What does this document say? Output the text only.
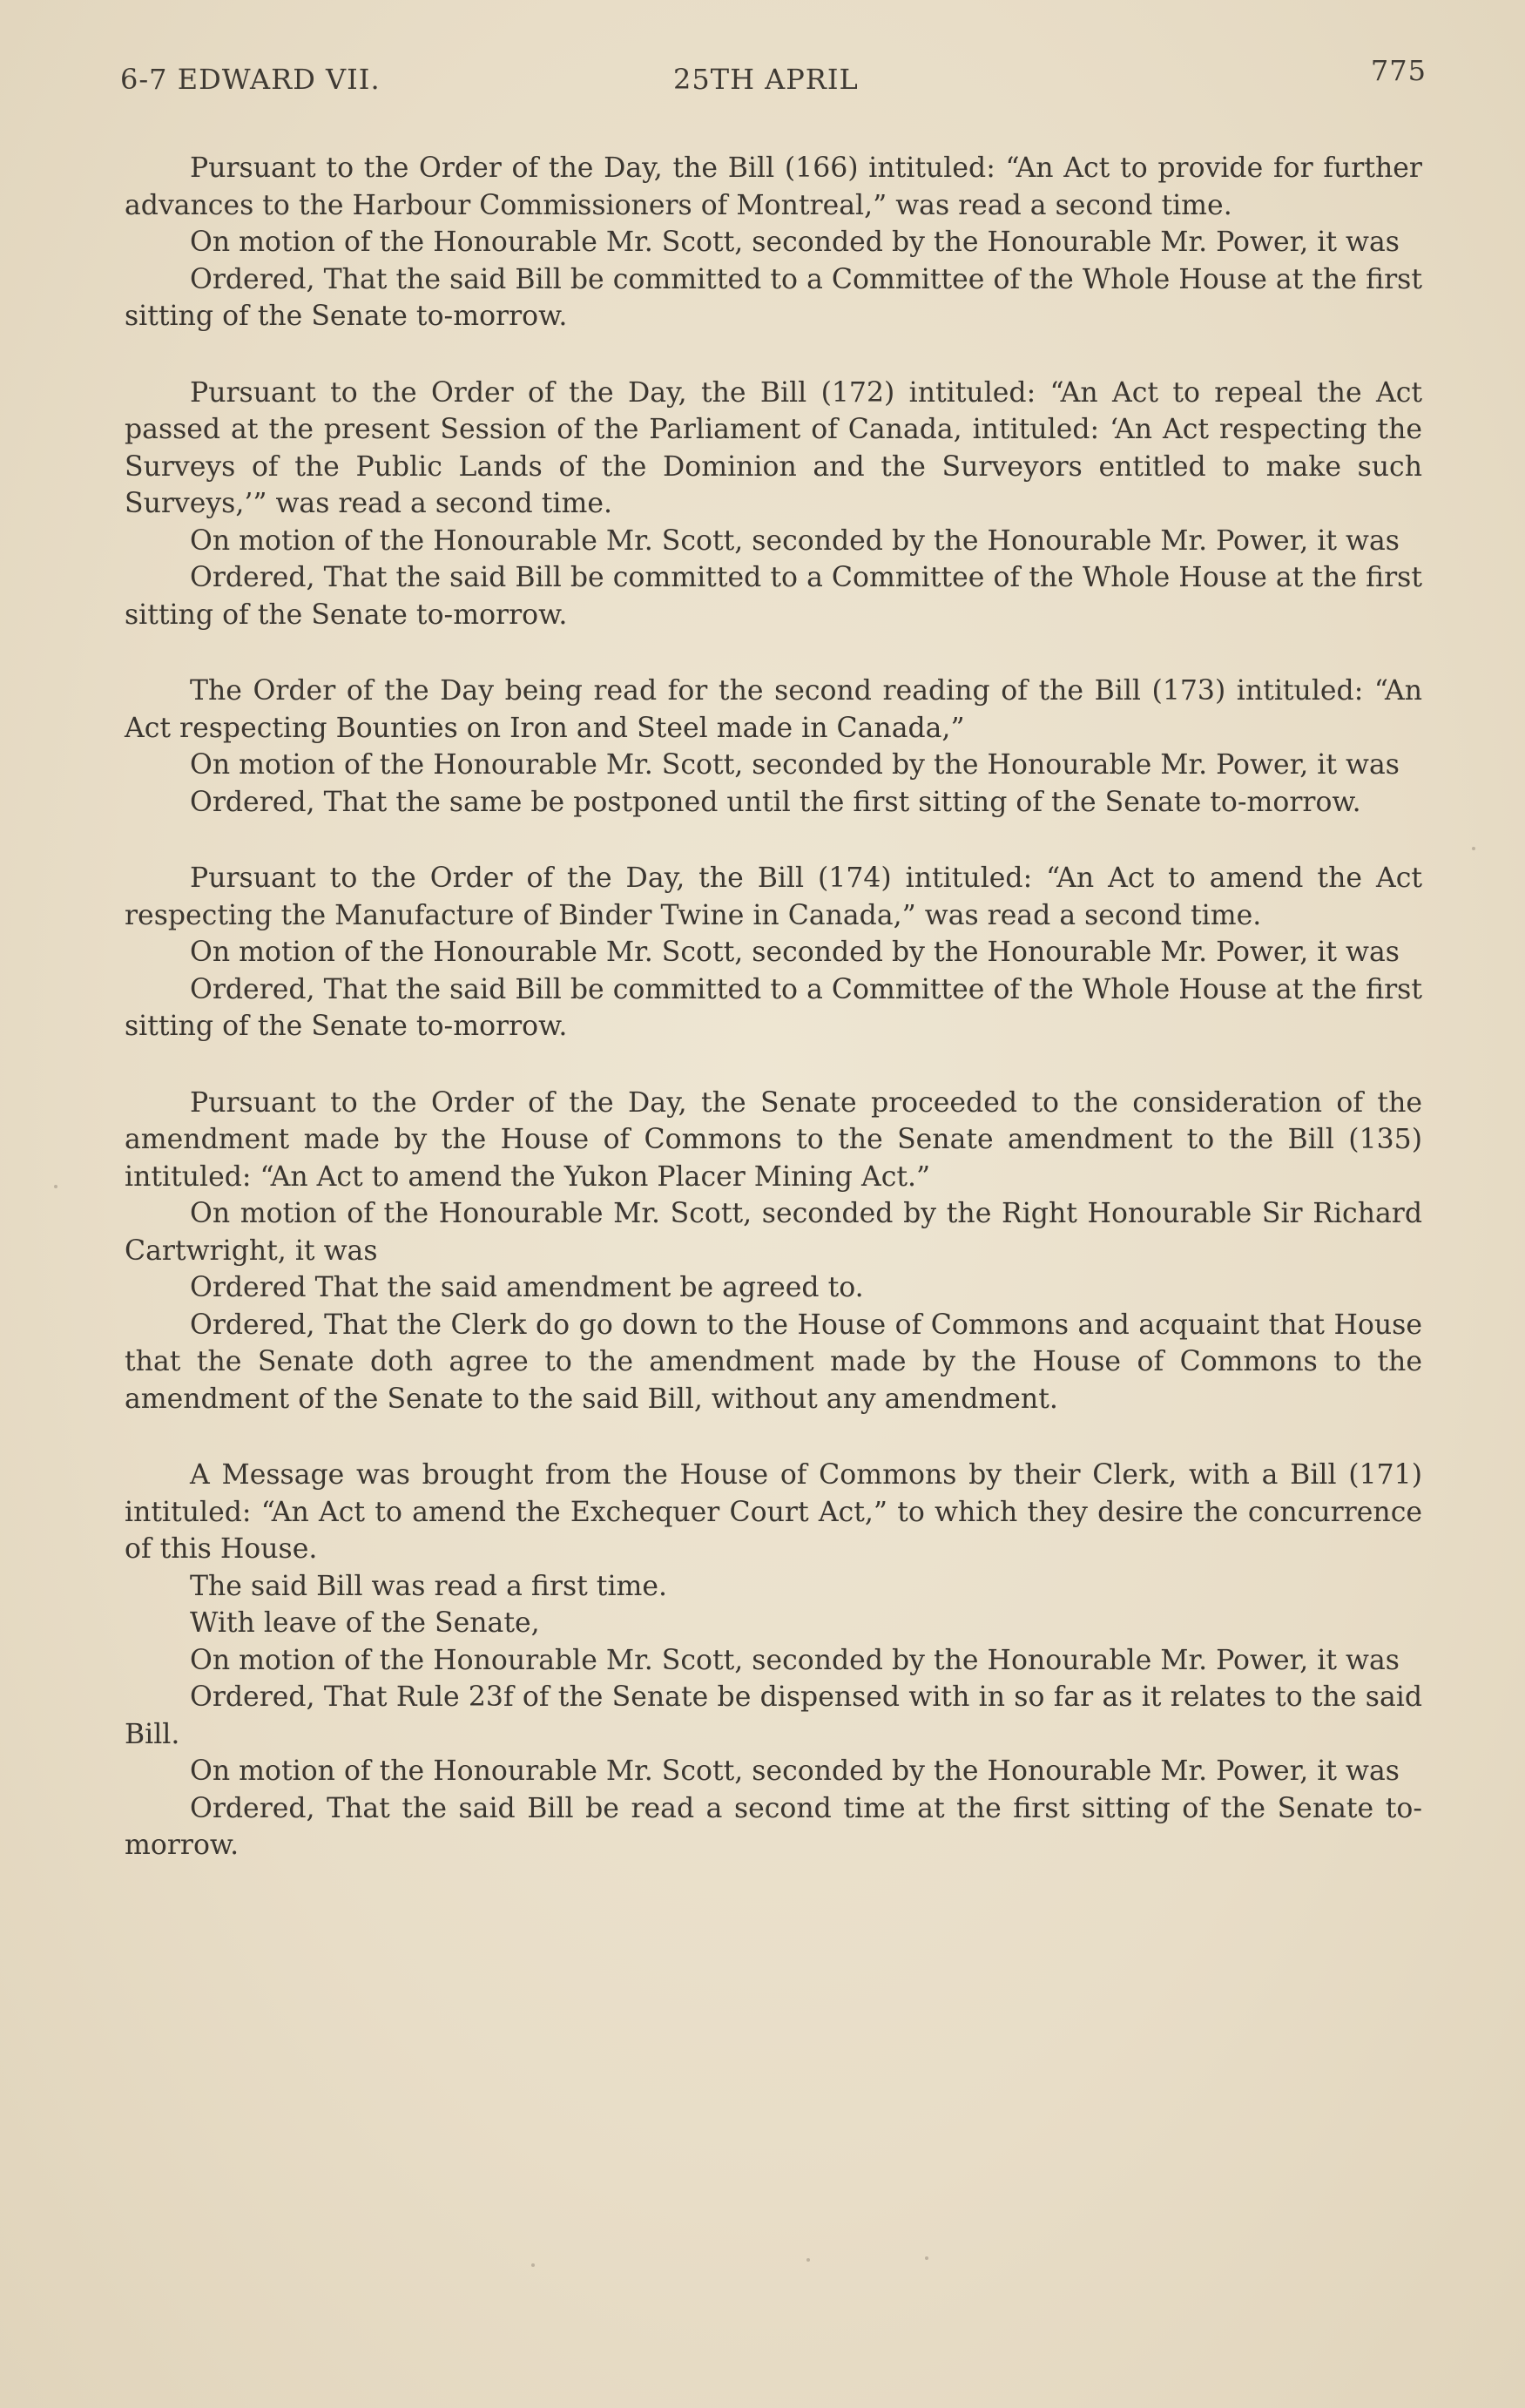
6-7 EDWARD VII.	25TH APRIL	775

Pursuant to the Order of the Day, the Bill (166) intituled: “An Act to provide for further advances to the Harbour Commissioners of Montreal,” was read a second time.

On motion of the Honourable Mr. Scott, seconded by the Honourable Mr. Power, it was

Ordered, That the said Bill be committed to a Committee of the Whole House at the first sitting of the Senate to-morrow.

Pursuant to the Order of the Day, the Bill (172) intituled: “An Act to repeal the Act passed at the present Session of the Parliament of Canada, intituled: ‘An Act respecting the Surveys of the Public Lands of the Dominion and the Surveyors entitled to make such Surveys,’” was read a second time.

On motion of the Honourable Mr. Scott, seconded by the Honourable Mr. Power, it was

Ordered, That the said Bill be committed to a Committee of the Whole House at the first sitting of the Senate to-morrow.

The Order of the Day being read for the second reading of the Bill (173) intituled: “An Act respecting Bounties on Iron and Steel made in Canada,”

On motion of the Honourable Mr. Scott, seconded by the Honourable Mr. Power, it was

Ordered, That the same be postponed until the first sitting of the Senate to-morrow.

Pursuant to the Order of the Day, the Bill (174) intituled: “An Act to amend the Act respecting the Manufacture of Binder Twine in Canada,” was read a second time.

On motion of the Honourable Mr. Scott, seconded by the Honourable Mr. Power, it was

Ordered, That the said Bill be committed to a Committee of the Whole House at the first sitting of the Senate to-morrow.

Pursuant to the Order of the Day, the Senate proceeded to the consideration of the amendment made by the House of Commons to the Senate amendment to the Bill (135) intituled: “An Act to amend the Yukon Placer Mining Act.”

On motion of the Honourable Mr. Scott, seconded by the Right Honourable Sir Richard Cartwright, it was

Ordered That the said amendment be agreed to.

Ordered, That the Clerk do go down to the House of Commons and acquaint that House that the Senate doth agree to the amendment made by the House of Commons to the amendment of the Senate to the said Bill, without any amendment.

A Message was brought from the House of Commons by their Clerk, with a Bill (171) intituled: “An Act to amend the Exchequer Court Act,” to which they desire the concurrence of this House.

The said Bill was read a first time.

With leave of the Senate,

On motion of the Honourable Mr. Scott, seconded by the Honourable Mr. Power, it was

Ordered, That Rule 23f of the Senate be dispensed with in so far as it relates to the said Bill.

On motion of the Honourable Mr. Scott, seconded by the Honourable Mr. Power, it was

Ordered, That the said Bill be read a second time at the first sitting of the Senate to-morrow.
